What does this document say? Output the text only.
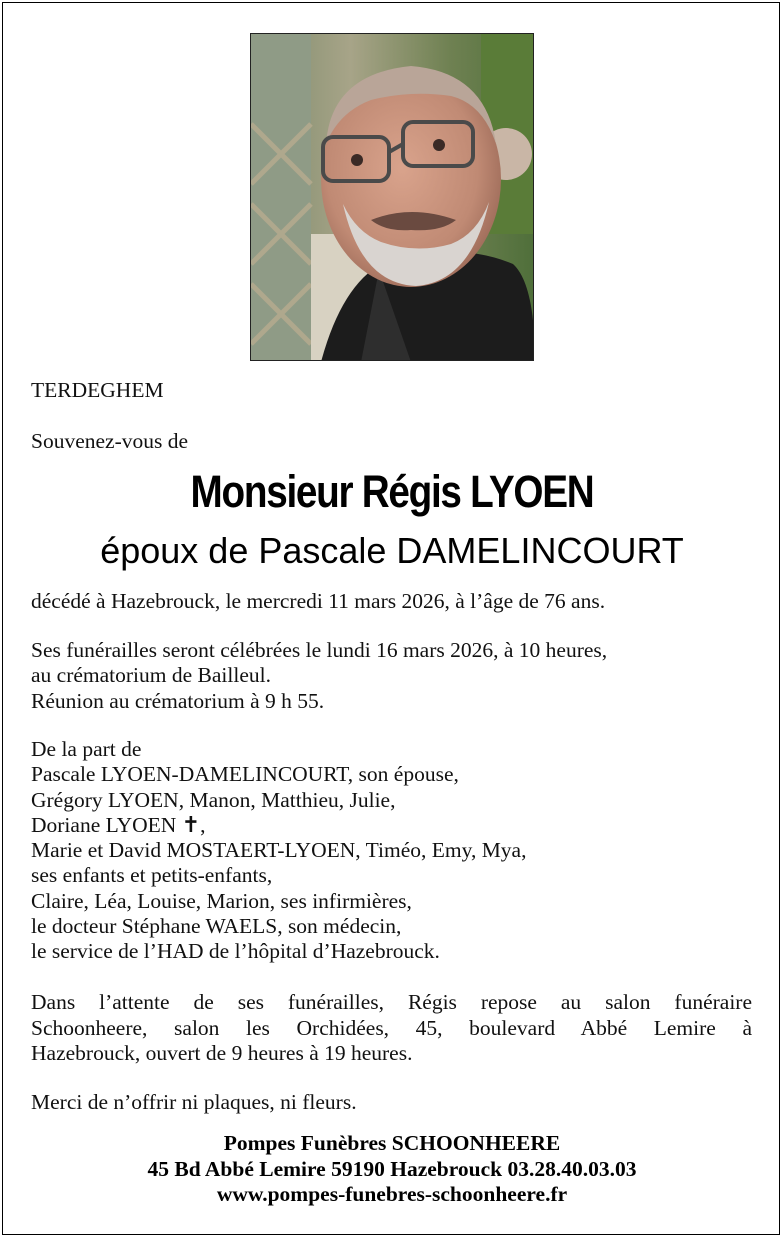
TERDEGHEM
Souvenez-vous de
Monsieur Régis LYOEN
époux de Pascale DAMELINCOURT
décédé à Hazebrouck, le mercredi 11 mars 2026, à l’âge de 76 ans.
Ses funérailles seront célébrées le lundi 16 mars 2026, à 10 heures,
au crématorium de Bailleul.
Réunion au crématorium à 9 h 55.
De la part de
Pascale LYOEN-DAMELINCOURT, son épouse,
Grégory LYOEN, Manon, Matthieu, Julie,
Doriane LYOEN ✝,
Marie et David MOSTAERT-LYOEN, Timéo, Emy, Mya,
ses enfants et petits-enfants,
Claire, Léa, Louise, Marion, ses infirmières,
le docteur Stéphane WAELS, son médecin,
le service de l’HAD de l’hôpital d’Hazebrouck.
Dans l’attente de ses funérailles, Régis repose au salon funéraire
Schoonheere, salon les Orchidées, 45, boulevard Abbé Lemire à
Hazebrouck, ouvert de 9 heures à 19 heures.
Merci de n’offrir ni plaques, ni fleurs.
Pompes Funèbres SCHOONHEERE
45 Bd Abbé Lemire 59190 Hazebrouck 03.28.40.03.03
www.pompes-funebres-schoonheere.fr
